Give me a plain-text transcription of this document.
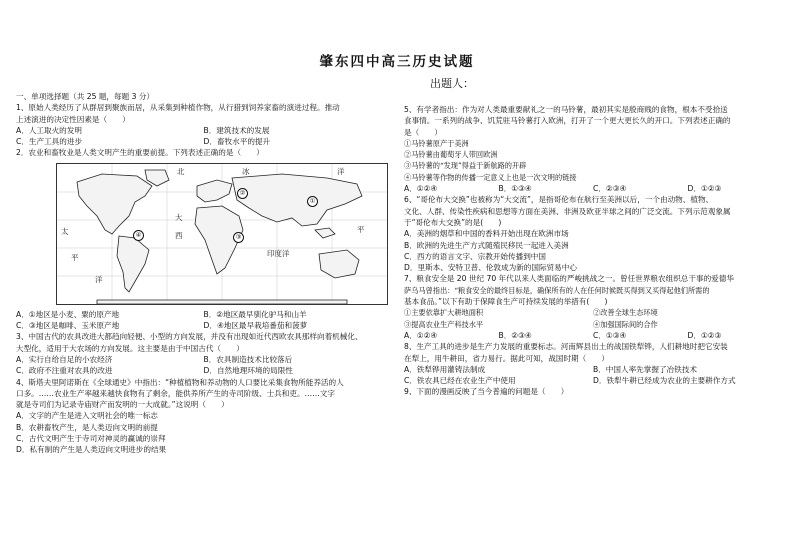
肇东四中高三历史试题
出题人：

一、单项选择题（共 25 题，每题 3 分）

1、原始人类经历了从群居到聚族而居，从采集到种植作物，从行猎到饲养家畜的演进过程。推动

上述演进的决定性因素是（　　）

A．人工取火的发明	B．建筑技术的发展
C．生产工具的进步	D．畜牧水平的提升

2．农业和畜牧业是人类文明产生的重要前提。下列表述正确的是（　　）

北	冰	洋
大
太
平
西
印度洋
平
洋
①
②
③
④
A．①地区是小麦、粟的原产地	B．②地区最早驯化驴马和山羊
C．③地区是咖啡、玉米原产地	D．④地区最早栽培番茄和菠萝

3、中国古代的农具改进大都趋向轻便、小型的方向发展，并没有出现如近代西欧农具那样向着机械化、

大型化，适用于大农场的方向发展。这主要是由于中国古代（　　）

A．实行自给自足的小农经济	B．农具制造技术比较落后
C．政府不注重对农具的改进	D．自然地理环境的局限性

4、斯塔夫里阿诺斯在《全球通史》中指出：“种植植物和养动物的人口要比采集食物所能养活的人

口多。……农业生产率越来越快食物有了剩余，能供养所产生的寺司阶级、士兵和吏。……文字

就是寺司们为记录寺庙财产而发明的一大成就。”这说明（　　）

A．文字的产生是进入文明社会的唯一标志

B．农耕畜牧产生，是人类迈向文明的前提

C．古代文明产生于寺司对神灵的赢诚的崇拜

D．私有制的产生是人类迈向文明进步的结果

5、有学者指出：作为对人类最重要献礼之一的马铃薯，最初其实是殷商贱的食物，根本不受拾送

食事情。一系列的战争、饥荒驻马铃薯打入欧洲，打开了一个更大更长久的开口。下列表述正确的

是（　　）

①马铃薯原产于美洲

②马铃薯由葡萄牙人带回欧洲

③马铃薯的“发现”得益于新航路的开辟

④马铃薯等作物的传播一定意义上也是一次文明的链接

A．①②④	B．①③④	C．②③④	D．①②③

6、“哥伦布大交换”也被称为“大交流”，是指哥伦布在航行至美洲以后，一个由动物、植物、

文化、人群、传染性疾病和思想等方面在美洲、非洲及欧亚半球之间的广泛交流。下列示范观象属

于“哥伦布大交换”的是(　　)

A．美洲的烟草和中国的香料开始出现在欧洲市场

B．欧洲的先进生产方式随殖民移民一起进入美洲

C．西方的语言文字、宗教开始传播到中国

D．里斯本、安特卫普、伦敦成为新的国际贸易中心

7、粮食安全是 20 世纪 70 年代以来人类面临的严峻挑战之一。曾任世界粮农组织总干事的爱德华

萨乌马曾指出：“粮食安全的最终目标是，确保所有的人在任何时候既买得到又买得起他们所需的

基本食品。”以下有助于保障食生产可持续发展的举措有(　　)

①主要依靠扩大耕地面积	②改善全球生态环境
③提高农业生产科技水平	④加强国际间的合作
A．①②④	B．②③④	C．①③④	D．①②③

8、生产工具的进步是生产力发展的重要标志。河南辉县出土的战国铁犁铧，人们耕地时把它安装

在犁上，用牛耕田，省力易行。据此可知，战国时期（　　）

A．铁犁铧用灌铸法制成	B．中国人率先掌握了冶铁技术
C．铁农具已经在农业生产中使用	D．铁犁牛耕已经成为农业的主要耕作方式

9、下面的漫画反映了当今普遍的问题是（　　）
